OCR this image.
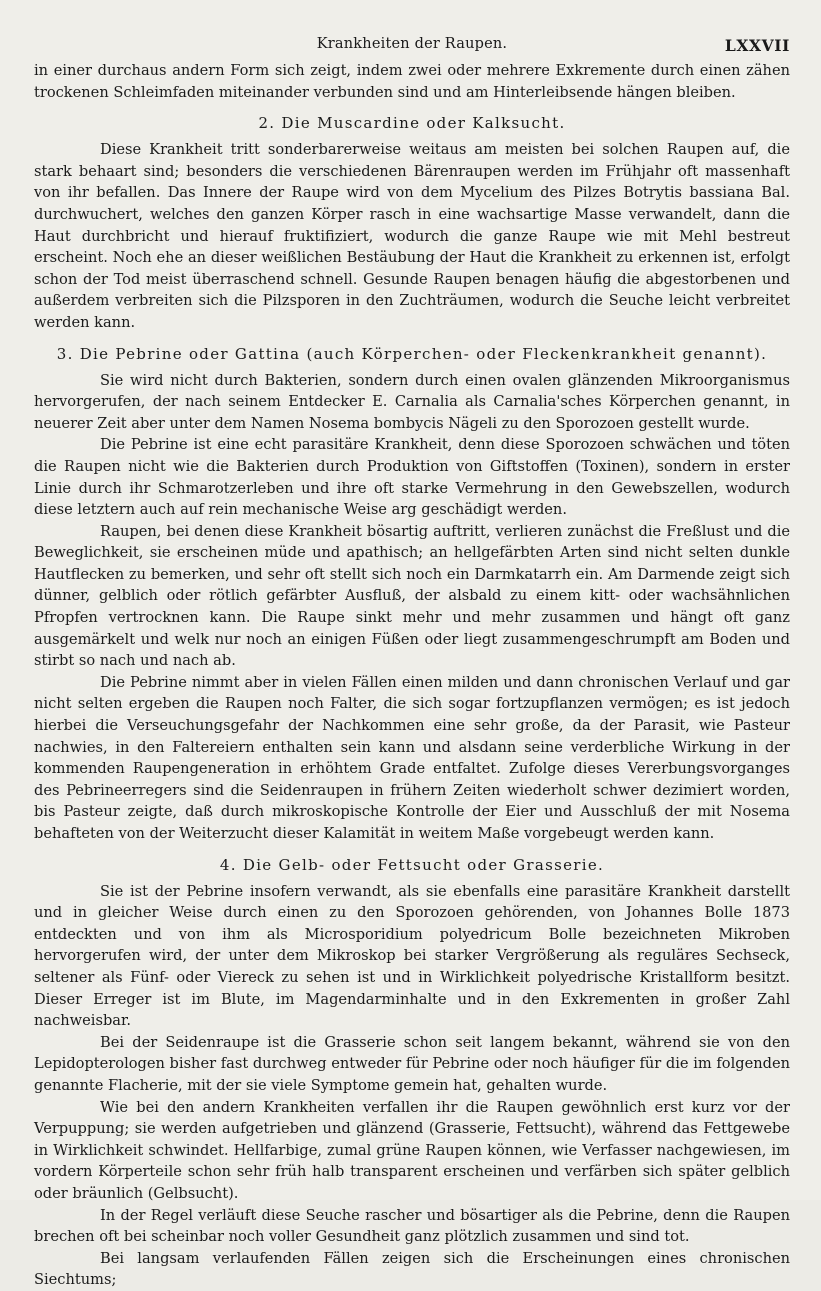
Krankheiten der Raupen.	LXXVII

in einer durchaus andern Form sich zeigt, indem zwei oder mehrere Exkremente durch einen zähen trockenen Schleimfaden miteinander verbunden sind und am Hinterleibsende hängen bleiben.

2. Die Muscardine oder Kalksucht.

Diese Krankheit tritt sonderbarerweise weitaus am meisten bei solchen Raupen auf, die stark behaart sind; besonders die verschiedenen Bärenraupen werden im Frühjahr oft massenhaft von ihr befallen. Das Innere der Raupe wird von dem Mycelium des Pilzes Botrytis bassiana Bal. durchwuchert, welches den ganzen Körper rasch in eine wachsartige Masse verwandelt, dann die Haut durchbricht und hierauf fruktifiziert, wodurch die ganze Raupe wie mit Mehl bestreut erscheint. Noch ehe an dieser weißlichen Bestäubung der Haut die Krankheit zu erkennen ist, erfolgt schon der Tod meist überraschend schnell. Gesunde Raupen benagen häufig die abgestorbenen und außerdem verbreiten sich die Pilzsporen in den Zuchträumen, wodurch die Seuche leicht verbreitet werden kann.

3. Die Pebrine oder Gattina (auch Körperchen- oder Fleckenkrankheit genannt).

Sie wird nicht durch Bakterien, sondern durch einen ovalen glänzenden Mikroorganismus hervorgerufen, der nach seinem Entdecker E. Carnalia als Carnalia'sches Körperchen genannt, in neuerer Zeit aber unter dem Namen Nosema bombycis Nägeli zu den Sporozoen gestellt wurde.

Die Pebrine ist eine echt parasitäre Krankheit, denn diese Sporozoen schwächen und töten die Raupen nicht wie die Bakterien durch Produktion von Giftstoffen (Toxinen), sondern in erster Linie durch ihr Schmarotzerleben und ihre oft starke Vermehrung in den Gewebszellen, wodurch diese letztern auch auf rein mechanische Weise arg geschädigt werden.

Raupen, bei denen diese Krankheit bösartig auftritt, verlieren zunächst die Freßlust und die Beweglichkeit, sie erscheinen müde und apathisch; an hellgefärbten Arten sind nicht selten dunkle Hautflecken zu bemerken, und sehr oft stellt sich noch ein Darmkatarrh ein. Am Darmende zeigt sich dünner, gelblich oder rötlich gefärbter Ausfluß, der alsbald zu einem kitt- oder wachsähnlichen Pfropfen vertrocknen kann. Die Raupe sinkt mehr und mehr zusammen und hängt oft ganz ausgemärkelt und welk nur noch an einigen Füßen oder liegt zusammengeschrumpft am Boden und stirbt so nach und nach ab.

Die Pebrine nimmt aber in vielen Fällen einen milden und dann chronischen Verlauf und gar nicht selten ergeben die Raupen noch Falter, die sich sogar fortzupflanzen vermögen; es ist jedoch hierbei die Verseuchungsgefahr der Nachkommen eine sehr große, da der Parasit, wie Pasteur nachwies, in den Faltereiern enthalten sein kann und alsdann seine verderbliche Wirkung in der kommenden Raupengeneration in erhöhtem Grade entfaltet. Zufolge dieses Vererbungsvorganges des Pebrineerregers sind die Seidenraupen in frühern Zeiten wiederholt schwer dezimiert worden, bis Pasteur zeigte, daß durch mikroskopische Kontrolle der Eier und Ausschluß der mit Nosema behafteten von der Weiterzucht dieser Kalamität in weitem Maße vorgebeugt werden kann.

4. Die Gelb- oder Fettsucht oder Grasserie.

Sie ist der Pebrine insofern verwandt, als sie ebenfalls eine parasitäre Krankheit darstellt und in gleicher Weise durch einen zu den Sporozoen gehörenden, von Johannes Bolle 1873 entdeckten und von ihm als Microsporidium polyedricum Bolle bezeichneten Mikroben hervorgerufen wird, der unter dem Mikroskop bei starker Vergrößerung als reguläres Sechseck, seltener als Fünf- oder Viereck zu sehen ist und in Wirklichkeit polyedrische Kristallform besitzt. Dieser Erreger ist im Blute, im Magendarminhalte und in den Exkrementen in großer Zahl nachweisbar.

Bei der Seidenraupe ist die Grasserie schon seit langem bekannt, während sie von den Lepidopterologen bisher fast durchweg entweder für Pebrine oder noch häufiger für die im folgenden genannte Flacherie, mit der sie viele Symptome gemein hat, gehalten wurde.

Wie bei den andern Krankheiten verfallen ihr die Raupen gewöhnlich erst kurz vor der Verpuppung; sie werden aufgetrieben und glänzend (Grasserie, Fettsucht), während das Fettgewebe in Wirklichkeit schwindet. Hellfarbige, zumal grüne Raupen können, wie Verfasser nachgewiesen, im vordern Körperteile schon sehr früh halb transparent erscheinen und verfärben sich später gelblich oder bräunlich (Gelbsucht).

In der Regel verläuft diese Seuche rascher und bösartiger als die Pebrine, denn die Raupen brechen oft bei scheinbar noch voller Gesundheit ganz plötzlich zusammen und sind tot.

Bei langsam verlaufenden Fällen zeigen sich die Erscheinungen eines chronischen Siechtums;
